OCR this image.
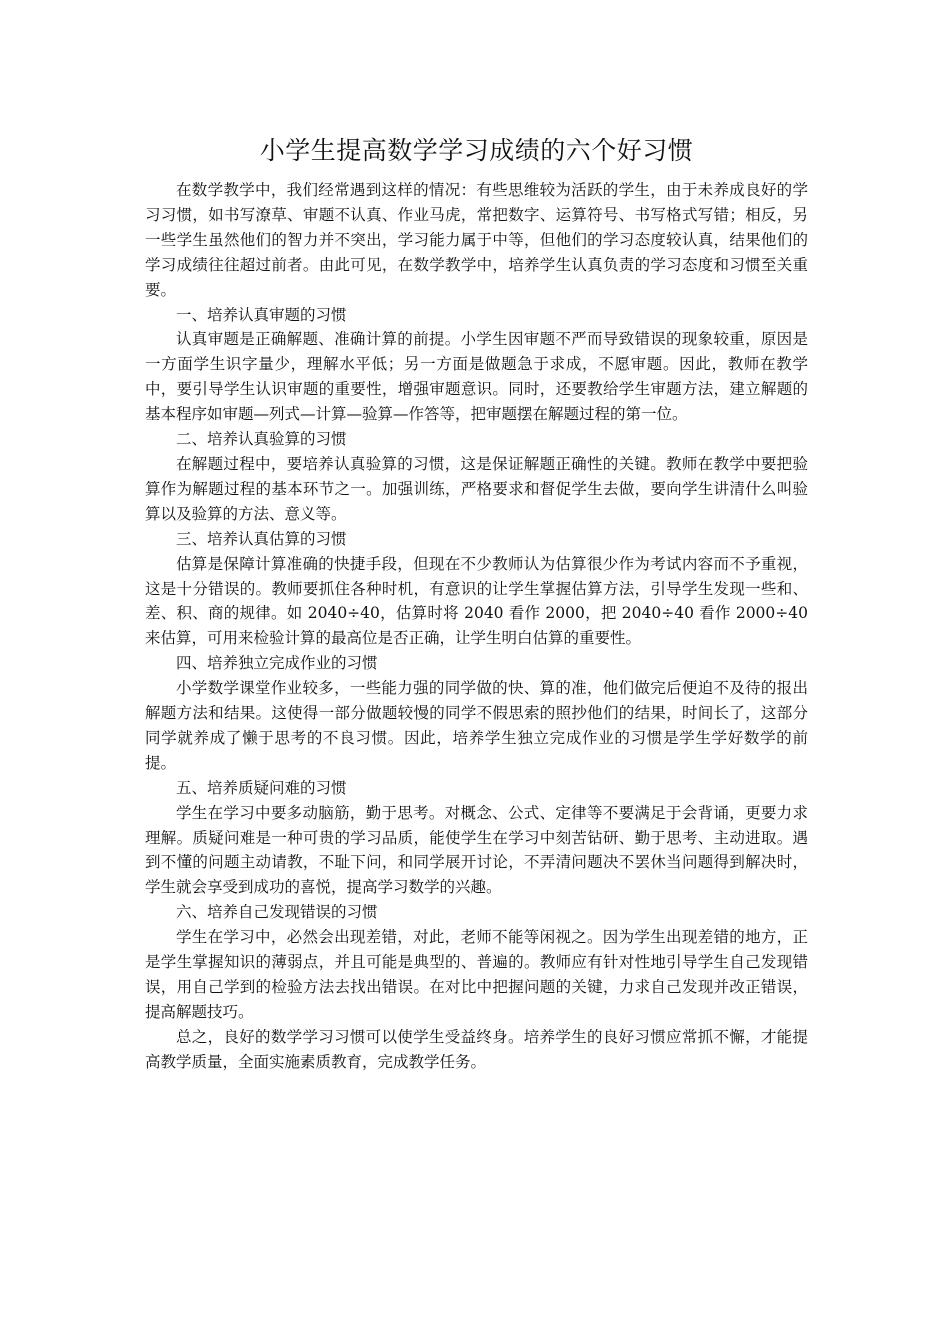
小学生提高数学学习成绩的六个好习惯

在数学教学中，我们经常遇到这样的情况：有些思维较为活跃的学生，由于未养成良好的学习习惯，如书写潦草、审题不认真、作业马虎，常把数字、运算符号、书写格式写错；相反，另一些学生虽然他们的智力并不突出，学习能力属于中等，但他们的学习态度较认真，结果他们的学习成绩往往超过前者。由此可见，在数学教学中，培养学生认真负责的学习态度和习惯至关重要。

一、培养认真审题的习惯

认真审题是正确解题、准确计算的前提。小学生因审题不严而导致错误的现象较重，原因是一方面学生识字量少，理解水平低；另一方面是做题急于求成，不愿审题。因此，教师在教学中，要引导学生认识审题的重要性，增强审题意识。同时，还要教给学生审题方法，建立解题的基本程序如审题—列式—计算—验算—作答等，把审题摆在解题过程的第一位。

二、培养认真验算的习惯

在解题过程中，要培养认真验算的习惯，这是保证解题正确性的关键。教师在教学中要把验算作为解题过程的基本环节之一。加强训练，严格要求和督促学生去做，要向学生讲清什么叫验算以及验算的方法、意义等。

三、培养认真估算的习惯

估算是保障计算准确的快捷手段，但现在不少教师认为估算很少作为考试内容而不予重视，这是十分错误的。教师要抓住各种时机，有意识的让学生掌握估算方法，引导学生发现一些和、差、积、商的规律。如 2040÷40，估算时将 2040 看作 2000，把 2040÷40 看作 2000÷40 来估算，可用来检验计算的最高位是否正确，让学生明白估算的重要性。

四、培养独立完成作业的习惯

小学数学课堂作业较多，一些能力强的同学做的快、算的准，他们做完后便迫不及待的报出解题方法和结果。这使得一部分做题较慢的同学不假思索的照抄他们的结果，时间长了，这部分同学就养成了懒于思考的不良习惯。因此，培养学生独立完成作业的习惯是学生学好数学的前提。

五、培养质疑问难的习惯

学生在学习中要多动脑筋，勤于思考。对概念、公式、定律等不要满足于会背诵，更要力求理解。质疑问难是一种可贵的学习品质，能使学生在学习中刻苦钻研、勤于思考、主动进取。遇到不懂的问题主动请教，不耻下问，和同学展开讨论，不弄清问题决不罢休当问题得到解决时，学生就会享受到成功的喜悦，提高学习数学的兴趣。

六、培养自己发现错误的习惯

学生在学习中，必然会出现差错，对此，老师不能等闲视之。因为学生出现差错的地方，正是学生掌握知识的薄弱点，并且可能是典型的、普遍的。教师应有针对性地引导学生自己发现错误，用自己学到的检验方法去找出错误。在对比中把握问题的关键，力求自己发现并改正错误，提高解题技巧。

总之，良好的数学学习习惯可以使学生受益终身。培养学生的良好习惯应常抓不懈，才能提高教学质量，全面实施素质教育，完成教学任务。
